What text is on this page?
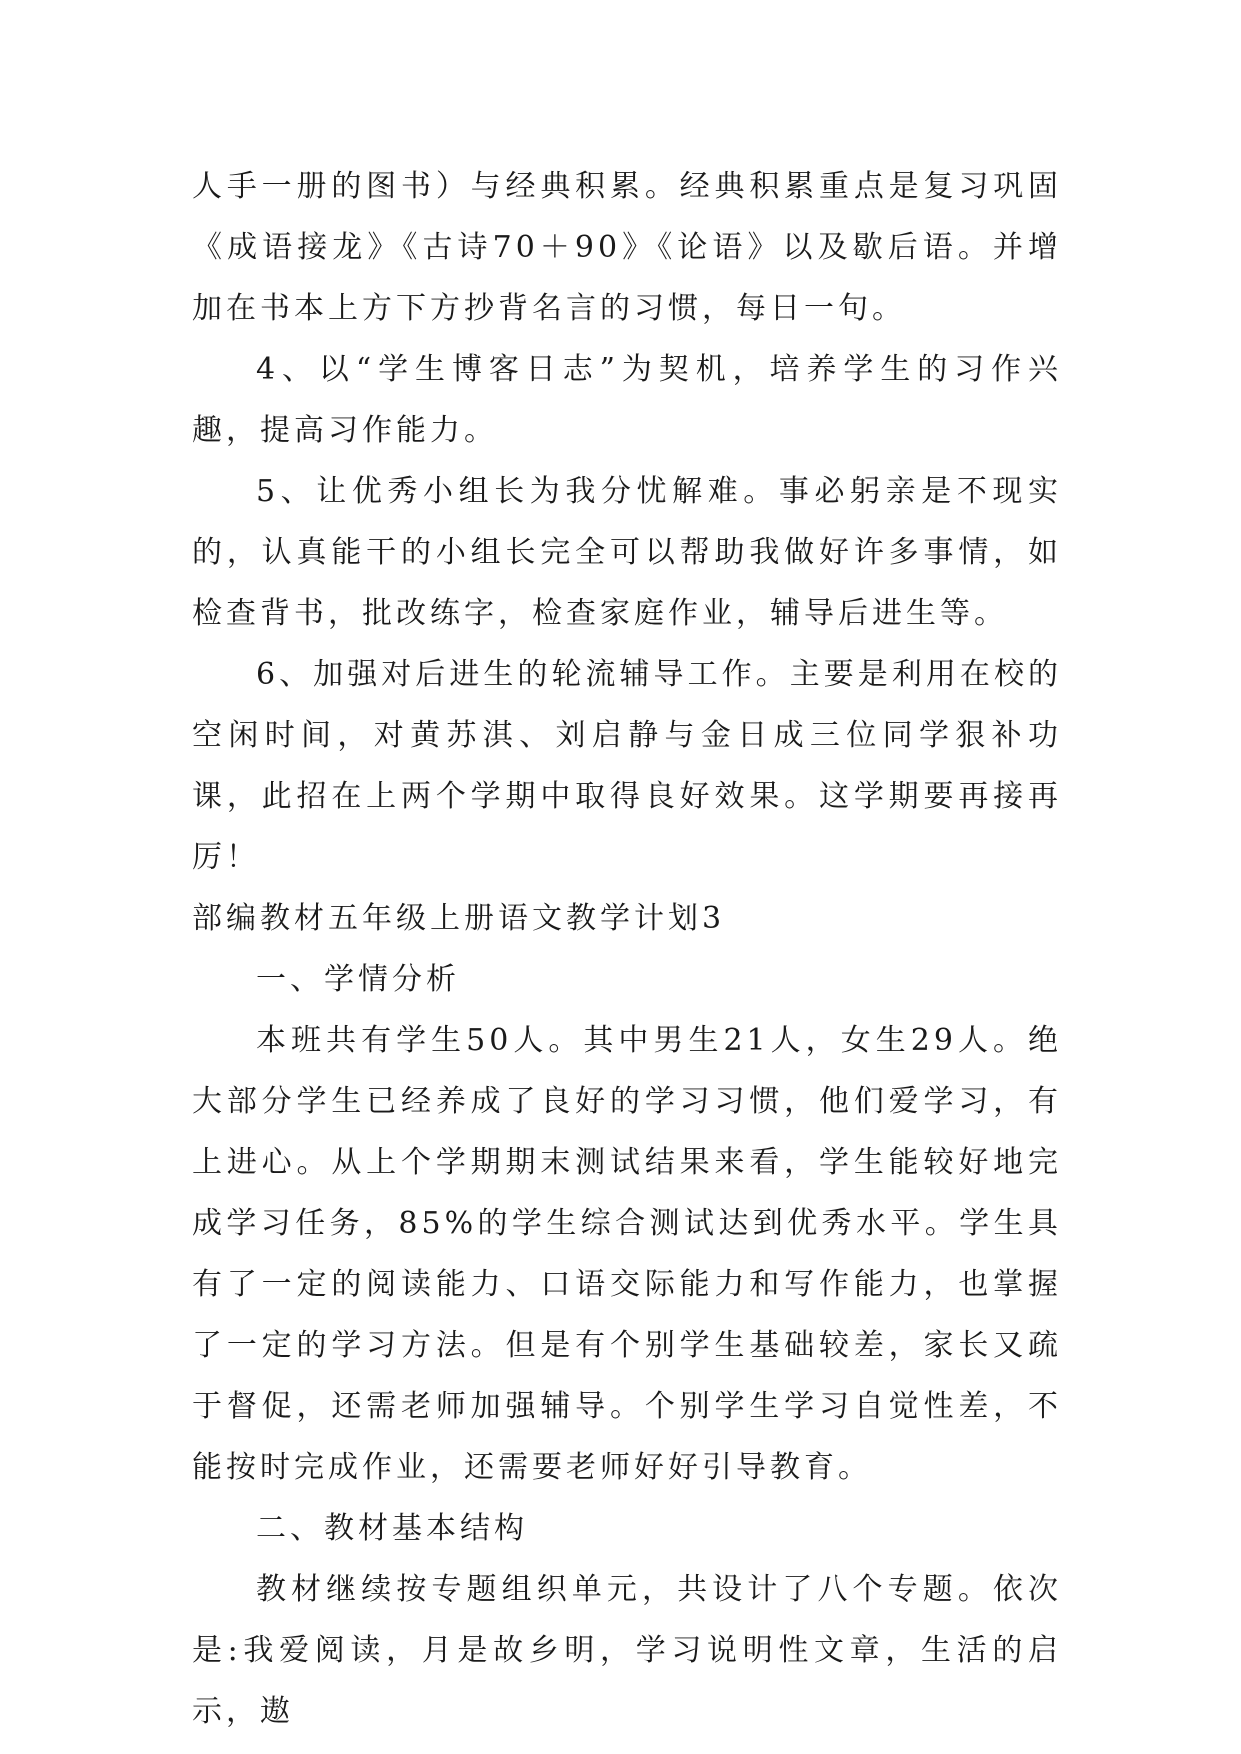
人手一册的图书）与经典积累。经典积累重点是复习巩固《成语接龙》《古诗70＋90》《论语》以及歇后语。并增加在书本上方下方抄背名言的习惯，每日一句。

4、以“学生博客日志”为契机，培养学生的习作兴趣，提高习作能力。

5、让优秀小组长为我分忧解难。事必躬亲是不现实的，认真能干的小组长完全可以帮助我做好许多事情，如检查背书，批改练字，检查家庭作业，辅导后进生等。

6、加强对后进生的轮流辅导工作。主要是利用在校的空闲时间，对黄苏淇、刘启静与金日成三位同学狠补功课，此招在上两个学期中取得良好效果。这学期要再接再厉！

部编教材五年级上册语文教学计划3

一、学情分析

本班共有学生50人。其中男生21人，女生29人。绝大部分学生已经养成了良好的学习习惯，他们爱学习，有上进心。从上个学期期末测试结果来看，学生能较好地完成学习任务，85%的学生综合测试达到优秀水平。学生具有了一定的阅读能力、口语交际能力和写作能力，也掌握了一定的学习方法。但是有个别学生基础较差，家长又疏于督促，还需老师加强辅导。个别学生学习自觉性差，不能按时完成作业，还需要老师好好引导教育。

二、教材基本结构

教材继续按专题组织单元，共设计了八个专题。依次是:我爱阅读，月是故乡明，学习说明性文章，生活的启示，遨
